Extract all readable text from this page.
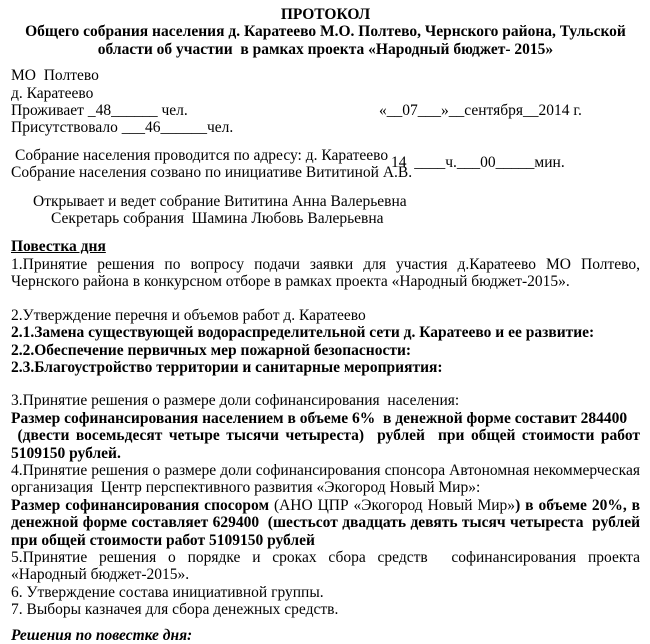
ПРОТОКОЛ

Общего собрания населения д. Каратеево М.О. Полтево, Чернского района, Тульской

области об участии  в рамках проекта «Народный бюджет- 2015»

МО  Полтево

д. Каратеево

Проживает _48______ чел.

Присутствовало ___46______чел.

«__07___»__сентября__2014 г.

14  ____ч.___00_____мин.

Собрание населения проводится по адресу: д. Каратеево

Собрание населения созвано по инициативе Вититиной А.В.

Открывает и ведет собрание Вититина Анна Валерьевна

Секретарь собрания  Шамина Любовь Валерьевна

Повестка дня

1.Принятие решения по вопросу подачи заявки для участия д.Каратеево МО Полтево, Чернского района в конкурсном отборе в рамках проекта «Народный бюджет-2015».

2.Утверждение перечня и объемов работ д. Каратеево

2.1.Замена существующей водораспределительной сети д. Каратеево и ее развитие:

2.2.Обеспечение первичных мер пожарной безопасности:

2.3.Благоустройство территории и санитарные мероприятия:

3.Принятие решения о размере доли софинансирования  населения:

Размер софинансирования населением в объеме 6%  в денежной форме составит 284400
(двести восемьдесят четыре тысячи четыреста)  рублей  при общей стоимости работ 5109150 рублей.

4.Принятие решения о размере доли софинансирования спонсора Автономная некоммерческая организация  Центр перспективного развития «Экогород Новый Мир»:

Размер софинансирования спосором (АНО ЦПР «Экогород Новый Мир») в объеме 20%, в денежной форме составляет 629400  (шестьсот двадцать девять тысяч четыреста  рублей при общей стоимости работ 5109150 рублей

5.Принятие решения о порядке и сроках сбора средств  софинансирования проекта «Народный бюджет-2015».

6. Утверждение состава инициативной группы.

7. Выборы казначея для сбора денежных средств.

Решения по повестке дня:
